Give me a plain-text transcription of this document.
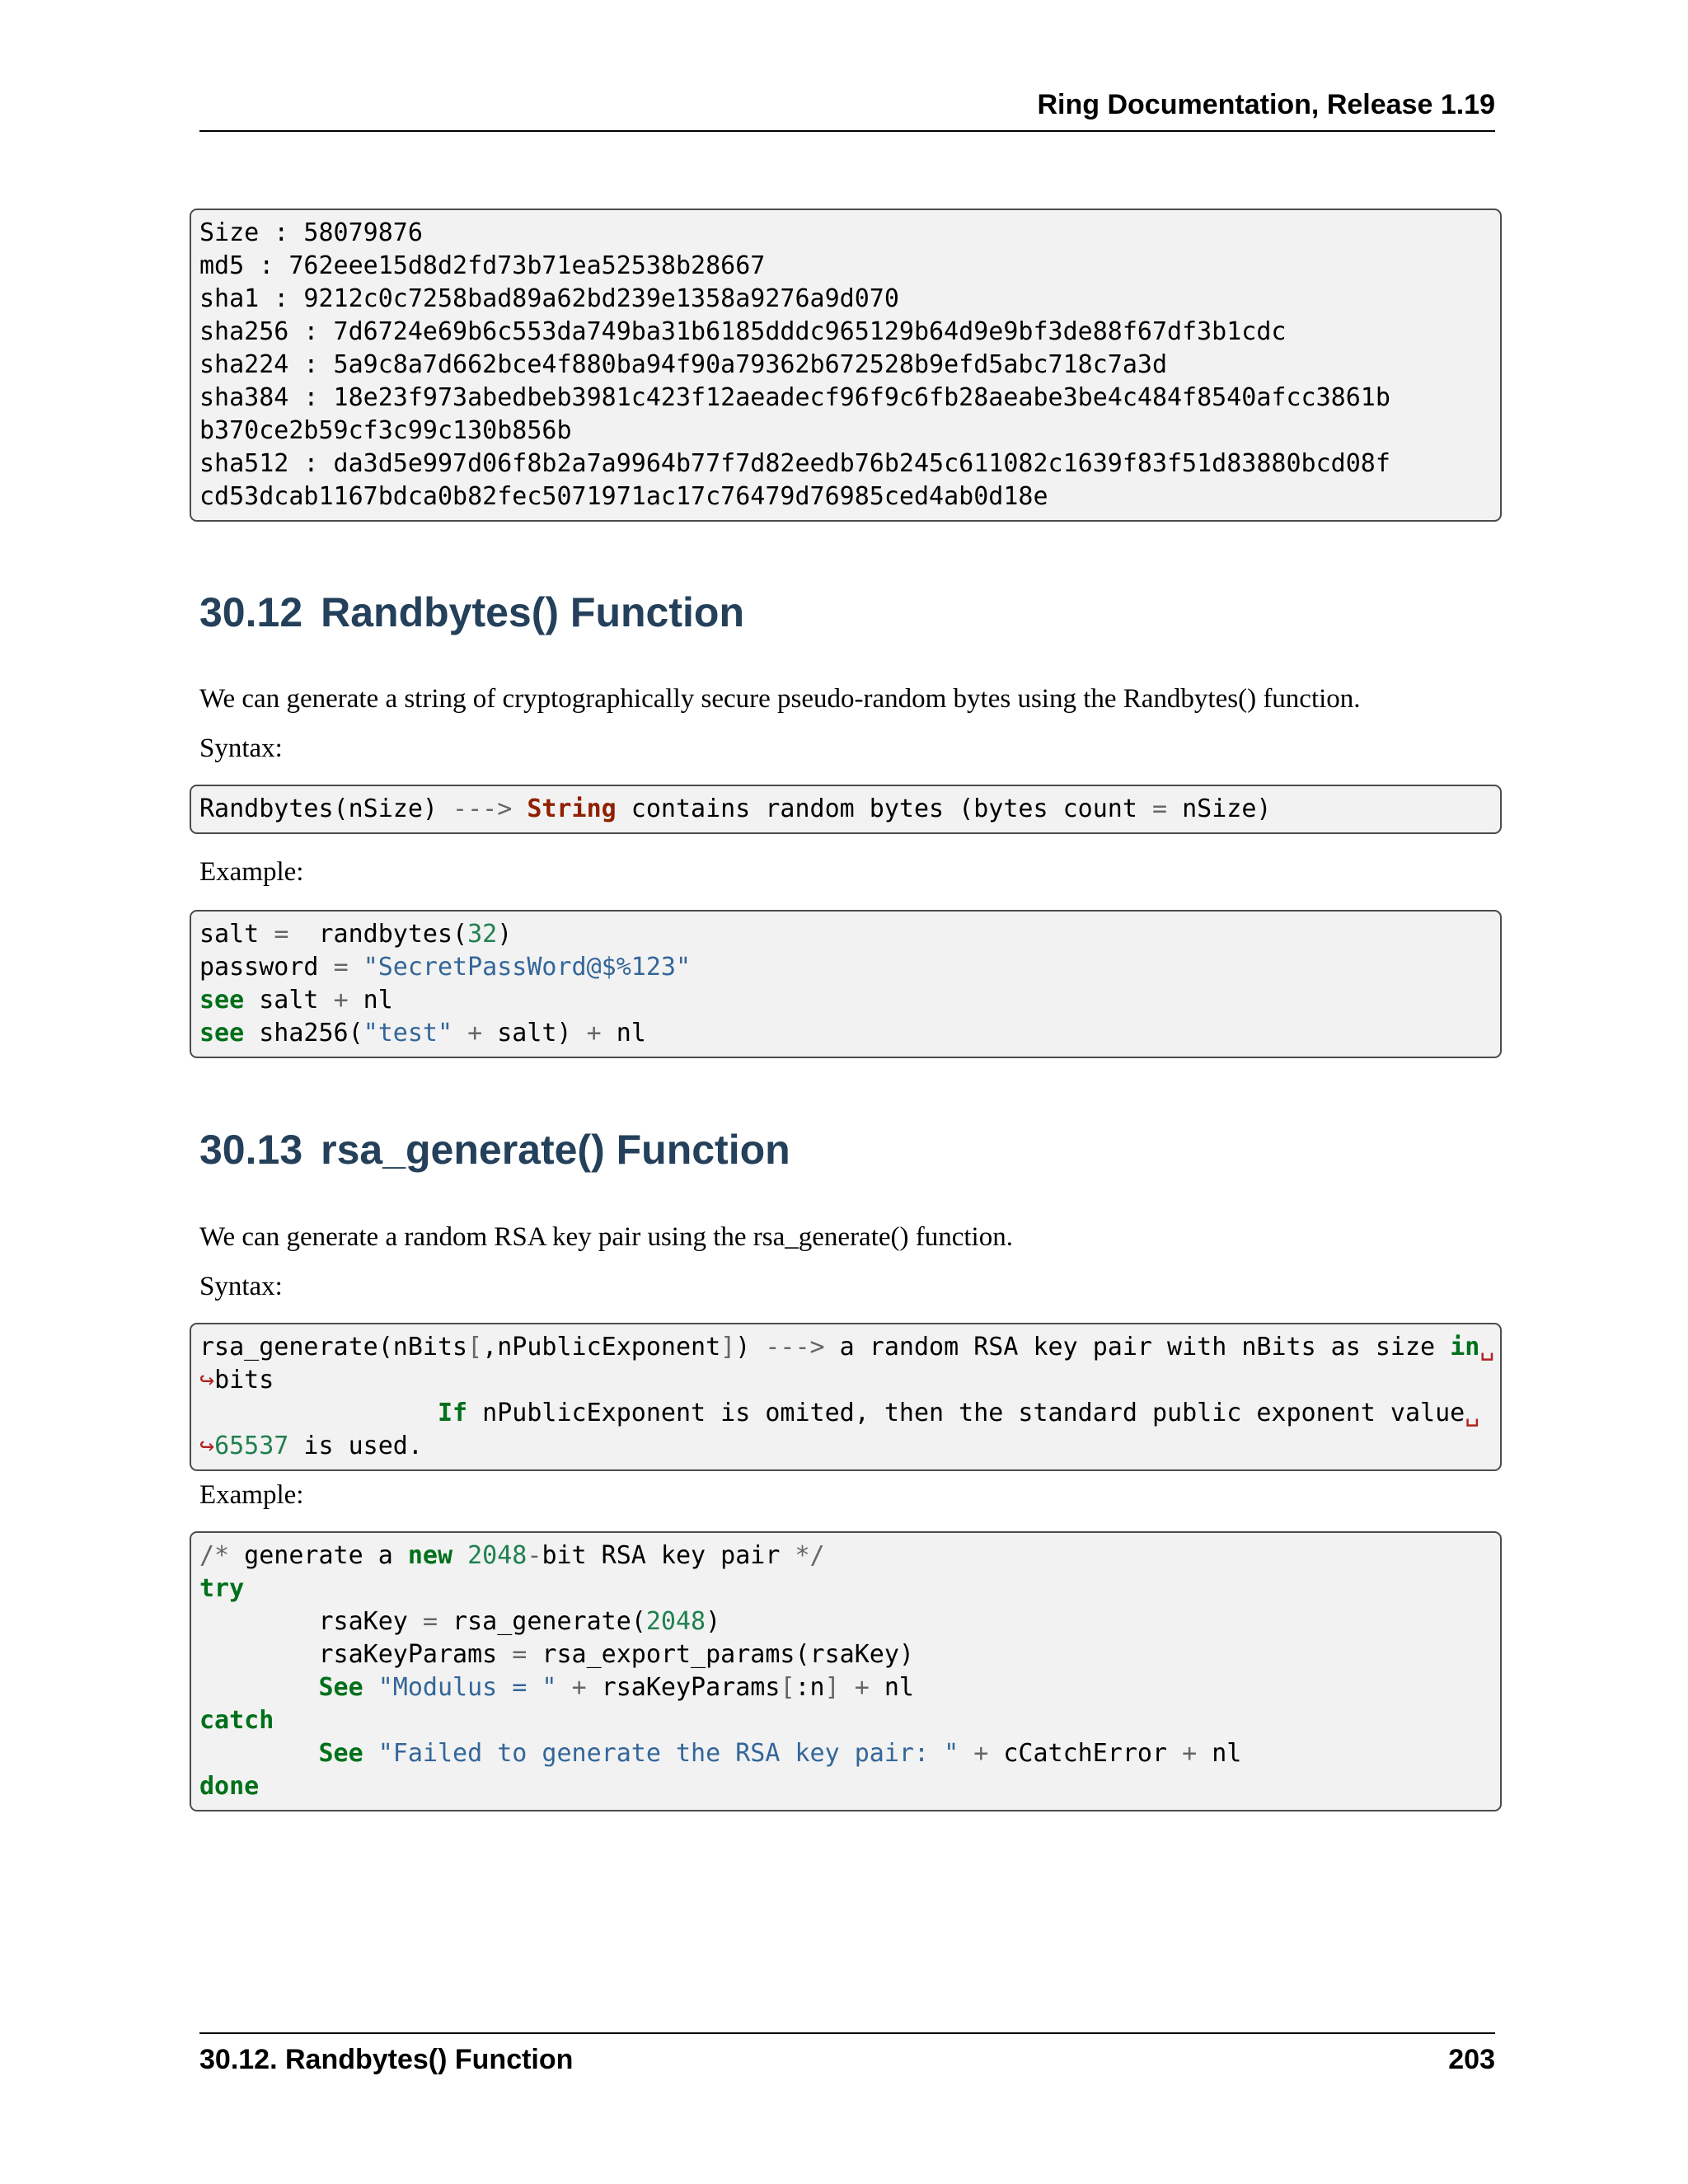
Ring Documentation, Release 1.19
Size : 58079876
md5 : 762eee15d8d2fd73b71ea52538b28667
sha1 : 9212c0c7258bad89a62bd239e1358a9276a9d070
sha256 : 7d6724e69b6c553da749ba31b6185dddc965129b64d9e9bf3de88f67df3b1cdc
sha224 : 5a9c8a7d662bce4f880ba94f90a79362b672528b9efd5abc718c7a3d
sha384 : 18e23f973abedbeb3981c423f12aeadecf96f9c6fb28aeabe3be4c484f8540afcc3861b
b370ce2b59cf3c99c130b856b
sha512 : da3d5e997d06f8b2a7a9964b77f7d82eedb76b245c611082c1639f83f51d83880bcd08f
cd53dcab1167bdca0b82fec5071971ac17c76479d76985ced4ab0d18e
30.12 Randbytes() Function

We can generate a string of cryptographically secure pseudo-random bytes using the Randbytes() function.

Syntax:

Randbytes(nSize) ---> String contains random bytes (bytes count = nSize)

Example:

salt =  randbytes(32)
password = "SecretPassWord@$%123"
see salt + nl
see sha256("test" + salt) + nl
30.13 rsa_generate() Function

We can generate a random RSA key pair using the rsa_generate() function.

Syntax:

rsa_generate(nBits[,nPublicExponent]) ---> a random RSA key pair with nBits as size in␣
↪bits
If nPublicExponent is omited, then the standard public exponent value␣
↪65537 is used.

Example:

/* generate a new 2048-bit RSA key pair */
try
rsaKey = rsa_generate(2048)
rsaKeyParams = rsa_export_params(rsaKey)
See "Modulus = " + rsaKeyParams[:n] + nl
catch
See "Failed to generate the RSA key pair: " + cCatchError + nl
done
30.12. Randbytes() Function	203
